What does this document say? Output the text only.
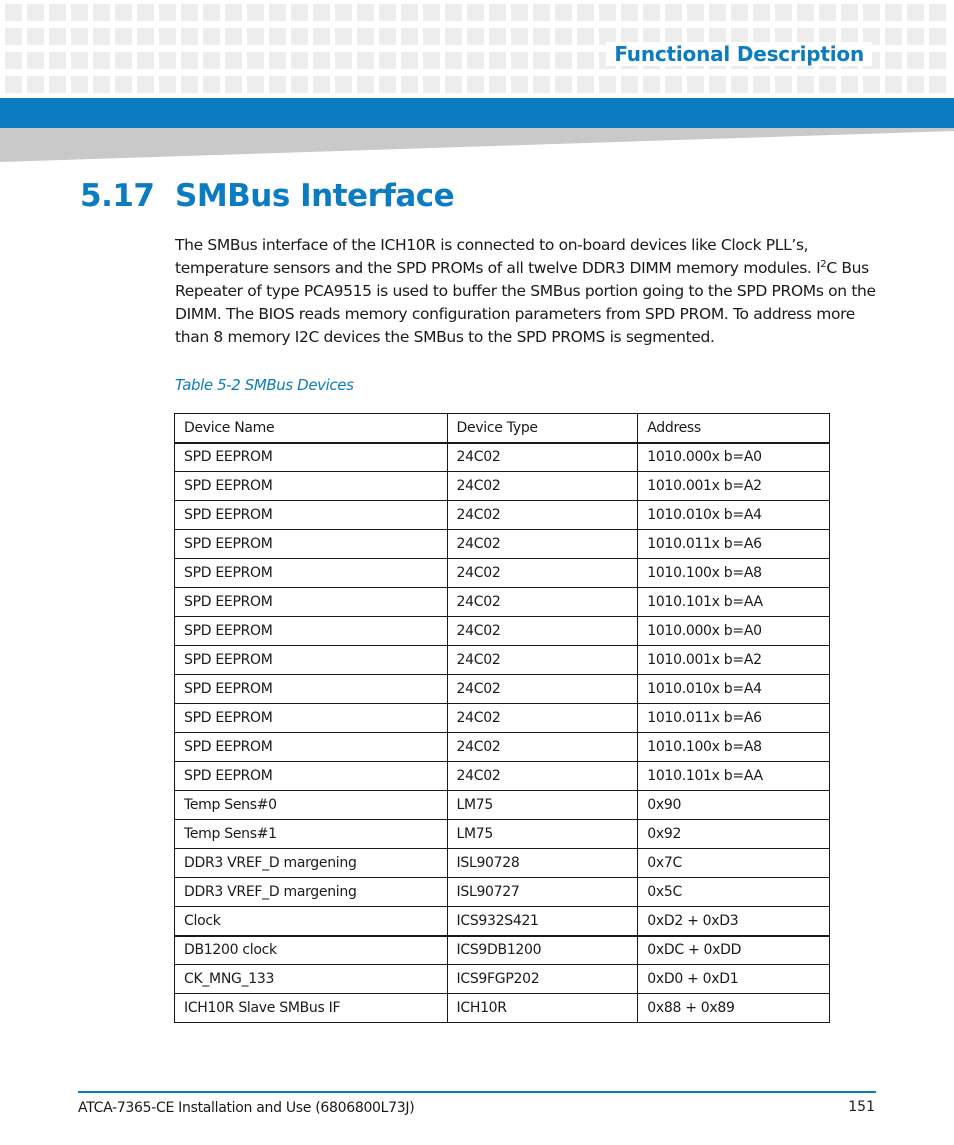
Functional Description
5.17 SMBus Interface
The SMBus interface of the ICH10R is connected to on-board devices like Clock PLL’s, temperature sensors and the SPD PROMs of all twelve DDR3 DIMM memory modules. $I^2C$ Bus Repeater of type PCA9515 is used to buffer the SMBus portion going to the SPD PROMs on the DIMM. The BIOS reads memory configuration parameters from SPD PROM. To address more than 8 memory I2C devices the SMBus to the SPD PROMS is segmented.
Table 5-2 SMBus Devices
Device Name	Device Type	Address
SPD EEPROM	24C02	1010.000x b=A0
SPD EEPROM	24C02	1010.001x b=A2
SPD EEPROM	24C02	1010.010x b=A4
SPD EEPROM	24C02	1010.011x b=A6
SPD EEPROM	24C02	1010.100x b=A8
SPD EEPROM	24C02	1010.101x b=AA
SPD EEPROM	24C02	1010.000x b=A0
SPD EEPROM	24C02	1010.001x b=A2
SPD EEPROM	24C02	1010.010x b=A4
SPD EEPROM	24C02	1010.011x b=A6
SPD EEPROM	24C02	1010.100x b=A8
SPD EEPROM	24C02	1010.101x b=AA
Temp Sens#0	LM75	0x90
Temp Sens#1	LM75	0x92
DDR3 VREF_D margening	ISL90728	0x7C
DDR3 VREF_D margening	ISL90727	0x5C
Clock	ICS932S421	0xD2 + 0xD3
DB1200 clock	ICS9DB1200	0xDC + 0xDD
CK_MNG_133	ICS9FGP202	0xD0 + 0xD1
ICH10R Slave SMBus IF	ICH10R	0x88 + 0x89
ATCA-7365-CE Installation and Use (6806800L73J)	151
